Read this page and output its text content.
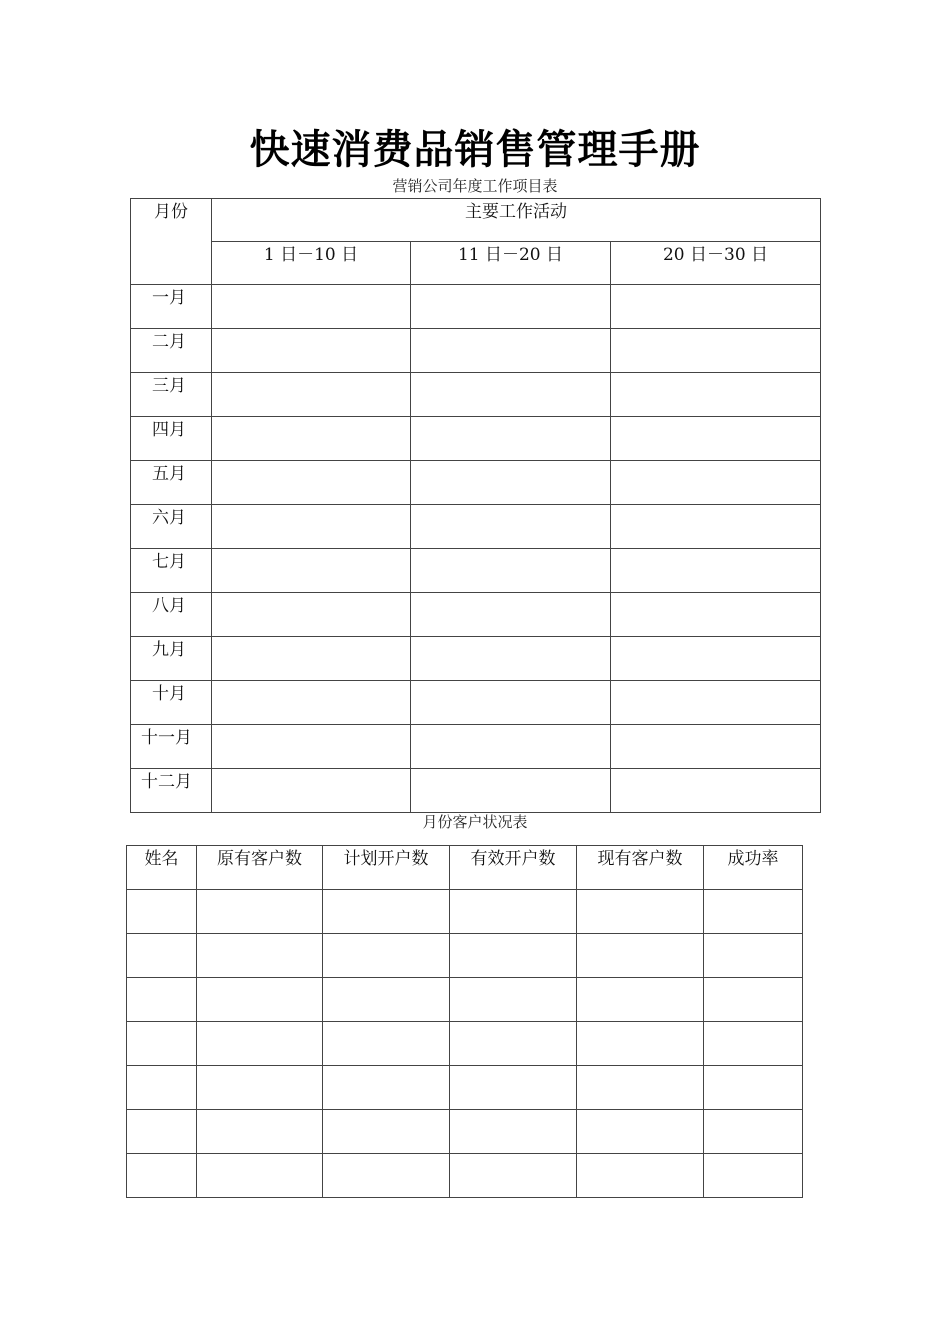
快速消费品销售管理手册
营销公司年度工作项目表
月份	主要工作活动		

	1 日－10 日	11 日－20 日	20 日－30 日

一月			

二月			

三月			

四月			

五月			

六月			

七月			

八月			

九月			

十月			

十一月			

十二月			

月份客户状况表
姓名	原有客户数	计划开户数	有效开户数	现有客户数	成功率
